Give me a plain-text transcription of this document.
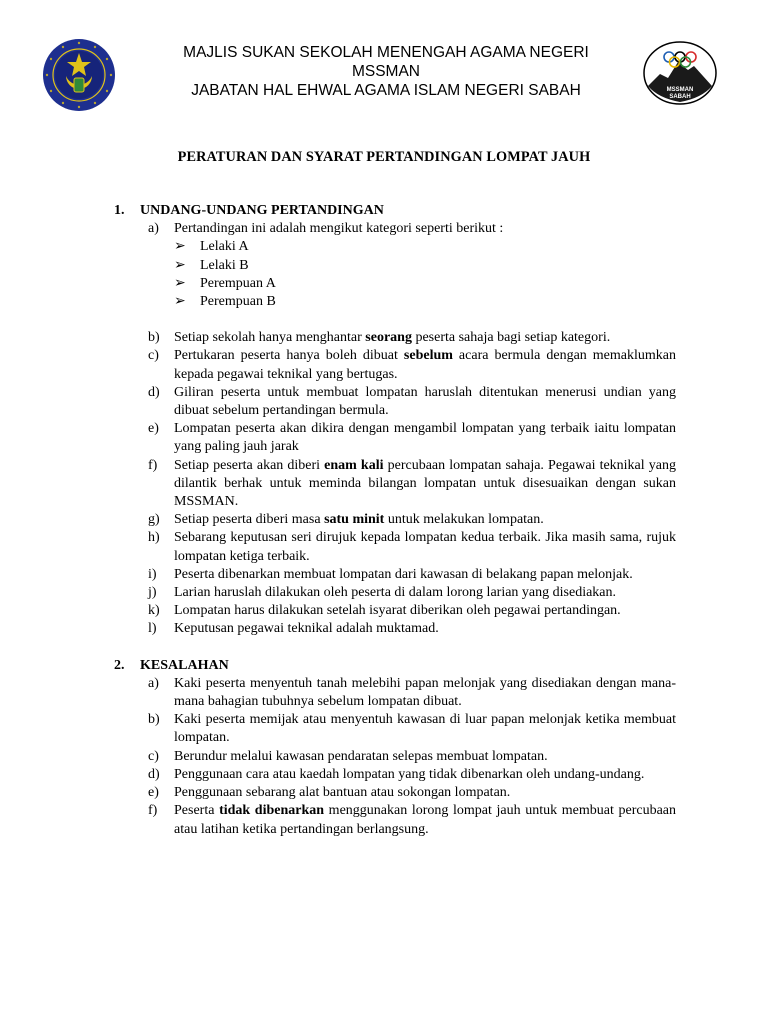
MAJLIS SUKAN SEKOLAH MENENGAH AGAMA NEGERI
MSSMAN
JABATAN HAL EHWAL AGAMA ISLAM NEGERI SABAH	MSSMAN
SABAH
PERATURAN DAN SYARAT PERTANDINGAN LOMPAT JAUH
1. UNDANG-UNDANG PERTANDINGAN
a) Pertandingan ini adalah mengikut kategori seperti berikut :
➢ Lelaki A
➢ Lelaki B
➢ Perempuan A
➢ Perempuan B
b) Setiap sekolah hanya menghantar seorang peserta sahaja bagi setiap kategori.
c) Pertukaran peserta hanya boleh dibuat sebelum acara bermula dengan memaklumkan kepada pegawai teknikal yang bertugas.
d) Giliran peserta untuk membuat lompatan haruslah ditentukan menerusi undian yang dibuat sebelum pertandingan bermula.
e) Lompatan peserta akan dikira dengan mengambil lompatan yang terbaik iaitu lompatan yang paling jauh jarak
f) Setiap peserta akan diberi enam kali percubaan lompatan sahaja. Pegawai teknikal yang dilantik berhak untuk meminda bilangan lompatan untuk disesuaikan dengan sukan MSSMAN.
g) Setiap peserta diberi masa satu minit untuk melakukan lompatan.
h) Sebarang keputusan seri dirujuk kepada lompatan kedua terbaik. Jika masih sama, rujuk lompatan ketiga terbaik.
i) Peserta dibenarkan membuat lompatan dari kawasan di belakang papan melonjak.
j) Larian haruslah dilakukan oleh peserta di dalam lorong larian yang disediakan.
k) Lompatan harus dilakukan setelah isyarat diberikan oleh pegawai pertandingan.
l) Keputusan pegawai teknikal adalah muktamad.
2. KESALAHAN
a) Kaki peserta menyentuh tanah melebihi papan melonjak yang disediakan dengan mana-mana bahagian tubuhnya sebelum lompatan dibuat.
b) Kaki peserta memijak atau menyentuh kawasan di luar papan melonjak ketika membuat lompatan.
c) Berundur melalui kawasan pendaratan selepas membuat lompatan.
d) Penggunaan cara atau kaedah lompatan yang tidak dibenarkan oleh undang-undang.
e) Penggunaan sebarang alat bantuan atau sokongan lompatan.
f) Peserta tidak dibenarkan menggunakan lorong lompat jauh untuk membuat percubaan atau latihan ketika pertandingan berlangsung.
